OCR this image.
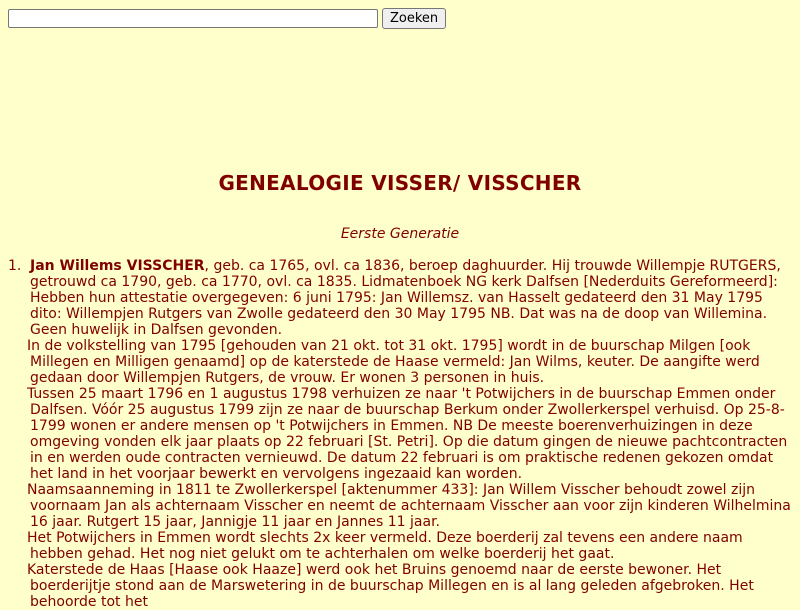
Zoeken
GENEALOGIE VISSER/ VISSCHER

Eerste Generatie

1. Jan Willems VISSCHER, geb. ca 1765, ovl. ca 1836, beroep daghuurder. Hij trouwde Willempje RUTGERS, getrouwd ca 1790, geb. ca 1770, ovl. ca 1835. Lidmatenboek NG kerk Dalfsen [Nederduits Gereformeerd]: Hebben hun attestatie overgegeven: 6 juni 1795: Jan Willemsz. van Hasselt gedateerd den 31 May 1795 dito: Willempjen Rutgers van Zwolle gedateerd den 30 May 1795 NB. Dat was na de doop van Willemina. Geen huwelijk in Dalfsen gevonden.

In de volkstelling van 1795 [gehouden van 21 okt. tot 31 okt. 1795] wordt in de buurschap Milgen [ook Millegen en Milligen genaamd] op de katerstede de Haase vermeld: Jan Wilms, keuter. De aangifte werd gedaan door Willempjen Rutgers, de vrouw. Er wonen 3 personen in huis.

Tussen 25 maart 1796 en 1 augustus 1798 verhuizen ze naar 't Potwijchers in de buurschap Emmen onder Dalfsen. Vóór 25 augustus 1799 zijn ze naar de buurschap Berkum onder Zwollerkerspel verhuisd. Op 25-8-1799 wonen er andere mensen op 't Potwijchers in Emmen. NB De meeste boerenverhuizingen in deze omgeving vonden elk jaar plaats op 22 februari [St. Petri]. Op die datum gingen de nieuwe pachtcontracten in en werden oude contracten vernieuwd. De datum 22 februari is om praktische redenen gekozen omdat het land in het voorjaar bewerkt en vervolgens ingezaaid kan worden.

Naamsaanneming in 1811 te Zwollerkerspel [aktenummer 433]: Jan Willem Visscher behoudt zowel zijn voornaam Jan als achternaam Visscher en neemt de achternaam Visscher aan voor zijn kinderen Wilhelmina 16 jaar. Rutgert 15 jaar, Jannigje 11 jaar en Jannes 11 jaar.

Het Potwijchers in Emmen wordt slechts 2x keer vermeld. Deze boerderij zal tevens een andere naam hebben gehad. Het nog niet gelukt om te achterhalen om welke boerderij het gaat.

Katerstede de Haas [Haase ook Haaze] werd ook het Bruins genoemd naar de eerste bewoner. Het boerderijtje stond aan de Marswetering in de buurschap Millegen en is al lang geleden afgebroken. Het behoorde tot het
